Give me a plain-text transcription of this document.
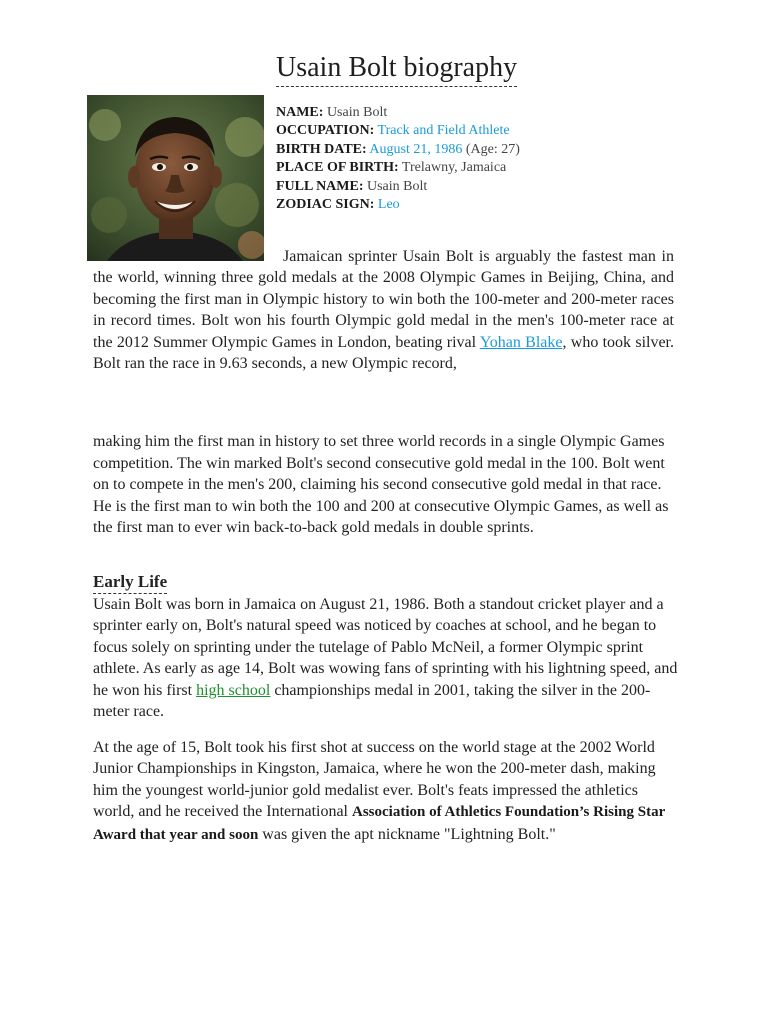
Usain Bolt biography
NAME: Usain Bolt
OCCUPATION: Track and Field Athlete
BIRTH DATE: August 21, 1986 (Age: 27)
PLACE OF BIRTH: Trelawny, Jamaica
FULL NAME: Usain Bolt
ZODIAC SIGN: Leo

Jamaican sprinter Usain Bolt is arguably the fastest man in the world, winning three gold medals at the 2008 Olympic Games in Beijing, China, and becoming the first man in Olympic history to win both the 100-meter and 200-meter races in record times. Bolt won his fourth Olympic gold medal in the men's 100-meter race at the 2012 Summer Olympic Games in London, beating rival Yohan Blake, who took silver. Bolt ran the race in 9.63 seconds, a new Olympic record,

making him the first man in history to set three world records in a single Olympic Games competition. The win marked Bolt's second consecutive gold medal in the 100. Bolt went on to compete in the men's 200, claiming his second consecutive gold medal in that race. He is the first man to win both the 100 and 200 at consecutive Olympic Games, as well as the first man to ever win back-to-back gold medals in double sprints.

Early Life

Usain Bolt was born in Jamaica on August 21, 1986. Both a standout cricket player and a sprinter early on, Bolt's natural speed was noticed by coaches at school, and he began to focus solely on sprinting under the tutelage of Pablo McNeil, a former Olympic sprint athlete. As early as age 14, Bolt was wowing fans of sprinting with his lightning speed, and he won his first high school championships medal in 2001, taking the silver in the 200-meter race.

At the age of 15, Bolt took his first shot at success on the world stage at the 2002 World Junior Championships in Kingston, Jamaica, where he won the 200-meter dash, making him the youngest world-junior gold medalist ever. Bolt's feats impressed the athletics world, and he received the International Association of Athletics Foundation’s Rising Star Award that year and soon was given the apt nickname "Lightning Bolt."
